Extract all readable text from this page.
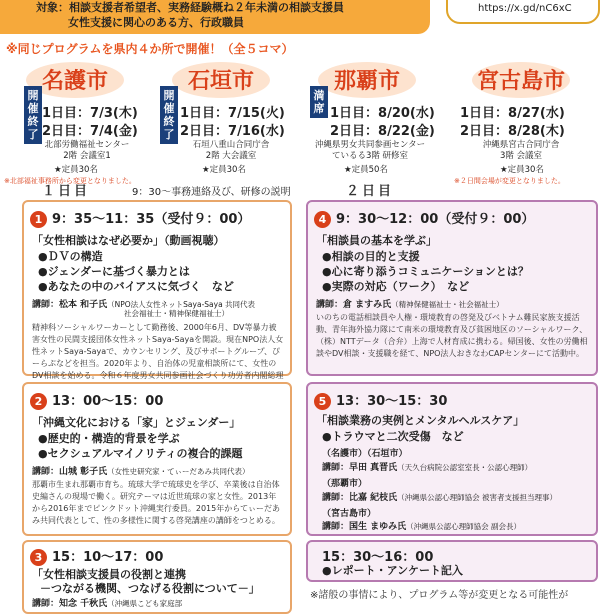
対象：相談支援者希望者、実務経験概ね２年未満の相談支援員
女性支援に関心のある方、行政職員
https://x.gd/nC6xC
※同じプログラムを県内４か所で開催！（全５コマ）
名護市
開
催
終
了
1日目：7/3(木)
2日目：7/4(金)
北部労働福祉センター
2階 会議室1
★定員30名
※北部福祉事務所から変更となりました。
石垣市
開
催
終
了
1日目：7/15(火)
2日目：7/16(水)
石垣八重山合同庁舎
2階 大会議室
★定員30名
那覇市
満
席 1日目：8/20(水)
2日目：8/22(金)
沖縄県男女共同参画センター
ているる3階 研修室
★定員50名
宮古島市
1日目：8/27(水)
2日目：8/28(木)
沖縄県宮古合同庁舎
3階 会議室
★定員30名
※２日間会場が変更となりました。
１日目	9：30～事務連絡及び、研修の説明	２日目
1 9：35～11：35（受付９：00）
「女性相談はなぜ必要か」（動画視聴）
●ＤＶの構造
●ジェンダーに基づく暴力とは
●あなたの中のバイアスに気づく　など
講師：松本 和子氏（NPO法人女性ネットSaya-Saya 共同代表
社会福祉士・精神保健福祉士）
精神科ソーシャルワーカーとして勤務後、2000年6月、DV等暴力被害女性の民間支援団体女性ネットSaya-Sayaを開設。現在NPO法人女性ネットSaya-Sayaで、カウンセリング、及びサポートグループ、ぴーらぷなどを担当。2020年より、自治体の児童相談所にて、女性のDV相談を始める。令和６年度男女共同参画社会づくり功労者内閣総理
2 13：00～15：00
「沖縄文化における「家」とジェンダー」
●歴史的・構造的背景を学ぶ
●セクシュアルマイノリティの複合的課題
講師：山城 彰子氏（女性史研究家・てぃーだあみ共同代表）
那覇市生まれ那覇市育ち。琉球大学で琉球史を学び、卒業後は自治体史編さんの現場で働く。研究テーマは近世琉球の家と女性。2013年から2016年までピンクドット沖縄実行委員。2015年からてぃーだあみ共同代表として、性の多様性に関する啓発講座の講師をつとめる。
3 15：10～17：00
「女性相談支援員の役割と連携
－つながる機関、つなげる役割について－」
講師：知念 千秋氏（沖縄県こども家庭部
4 9：30～12：00（受付９：00）
「相談員の基本を学ぶ」
●相談の目的と支援
●心に寄り添うコミュニケーションとは？
●実際の対応（ワーク）　など
講師：倉 ますみ氏（精神保健福祉士・社会福祉士）
いのちの電話相談員や人権・環境教育の啓発及びベトナム難民家族支援活動、青年海外協力隊にて南米の環境教育及び貧困地区のソーシャルワーク、（株）NTTデータ（合弁）上海で人材育成に携わる。帰国後、女性の労働相談やDV相談・支援職を経て、NPO法人おきなわCAPセンターにて活動中。
5 13：30～15：30
「相談業務の実例とメンタルヘルスケア」
●トラウマと二次受傷　など
（名護市）（石垣市）
講師：早田 真晋氏（天久台病院公認室室長・公認心理師）
（那覇市）
講師：比嘉 紀枝氏（沖縄県公認心理師協会 被害者支援担当理事）
（宮古島市）
講師：国生 まゆみ氏（沖縄県公認心理師協会 副会長）
15：30～16：00
●レポート・アンケート記入
※諸般の事情により、プログラム等が変更となる可能性が
